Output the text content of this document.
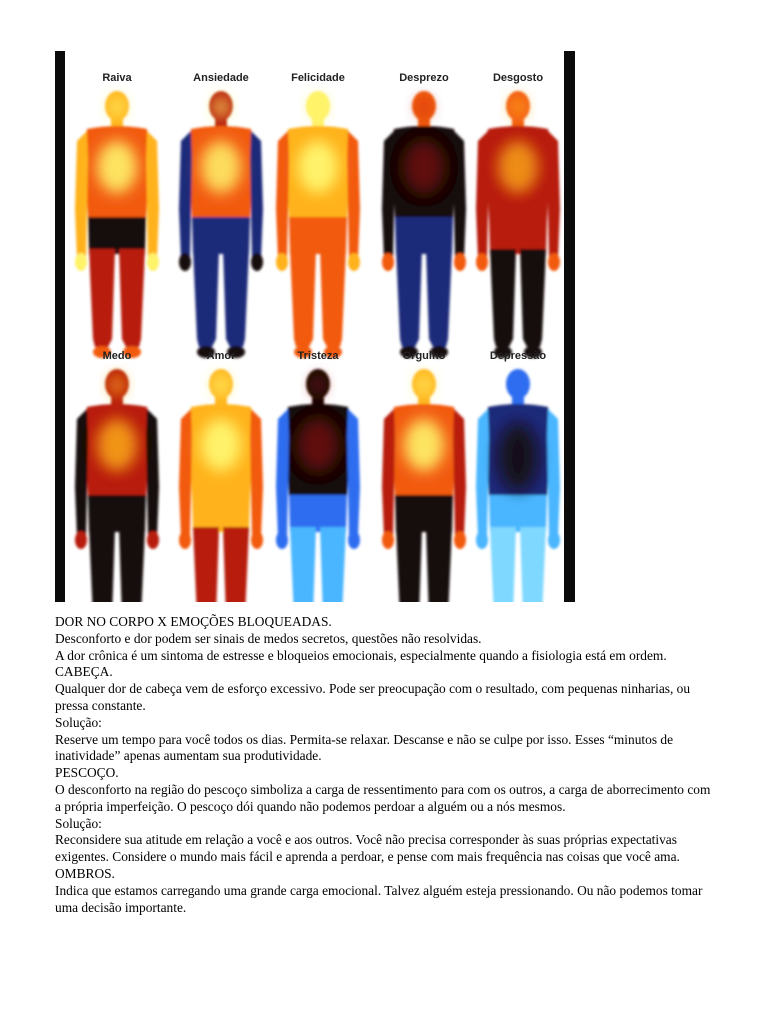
Raiva	Ansiedade	Felicidade	Desprezo	Desgosto
Medo	Amor	Tristeza	Orgulho	Depressão

DOR NO CORPO X EMOÇÕES BLOQUEADAS.

Desconforto e dor podem ser sinais de medos secretos, questões não resolvidas.

A dor crônica é um sintoma de estresse e bloqueios emocionais, especialmente quando a fisiologia está em ordem.

CABEÇA.

Qualquer dor de cabeça vem de esforço excessivo. Pode ser preocupação com o resultado, com pequenas ninharias, ou pressa constante.

Solução:

Reserve um tempo para você todos os dias. Permita-se relaxar. Descanse e não se culpe por isso. Esses “minutos de inatividade” apenas aumentam sua produtividade.

PESCOÇO.

O desconforto na região do pescoço simboliza a carga de ressentimento para com os outros, a carga de aborrecimento com a própria imperfeição. O pescoço dói quando não podemos perdoar a alguém ou a nós mesmos.

Solução:

Reconsidere sua atitude em relação a você e aos outros. Você não precisa corresponder às suas próprias expectativas exigentes. Considere o mundo mais fácil e aprenda a perdoar, e pense com mais frequência nas coisas que você ama.

OMBROS.

Indica que estamos carregando uma grande carga emocional. Talvez alguém esteja pressionando. Ou não podemos tomar uma decisão importante.
